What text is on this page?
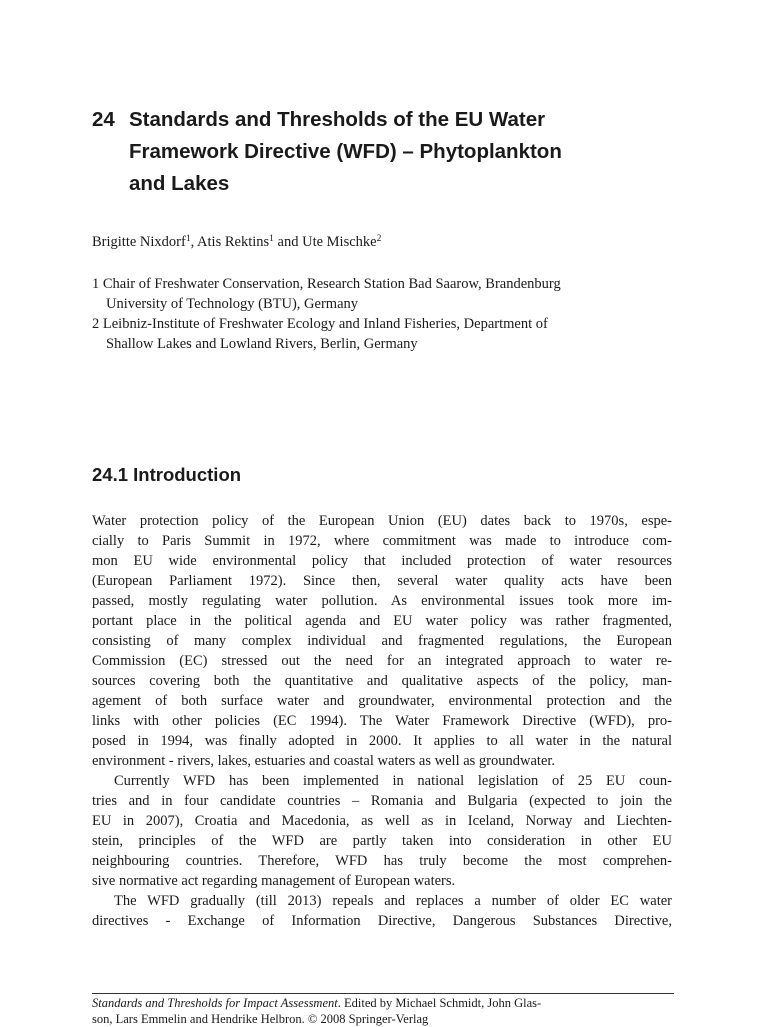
24 Standards and Thresholds of the EU Water
Framework Directive (WFD) – Phytoplankton
and Lakes
Brigitte Nixdorf$^1$, Atis Rektins$^1$ and Ute Mischke$^2$
1 Chair of Freshwater Conservation, Research Station Bad Saarow, Brandenburg
University of Technology (BTU), Germany
2 Leibniz-Institute of Freshwater Ecology and Inland Fisheries, Department of
Shallow Lakes and Lowland Rivers, Berlin, Germany
24.1 Introduction
Water protection policy of the European Union (EU) dates back to 1970s, espe-
cially to Paris Summit in 1972, where commitment was made to introduce com-
mon EU wide environmental policy that included protection of water resources
(European Parliament 1972). Since then, several water quality acts have been
passed, mostly regulating water pollution. As environmental issues took more im-
portant place in the political agenda and EU water policy was rather fragmented,
consisting of many complex individual and fragmented regulations, the European
Commission (EC) stressed out the need for an integrated approach to water re-
sources covering both the quantitative and qualitative aspects of the policy, man-
agement of both surface water and groundwater, environmental protection and the
links with other policies (EC 1994). The Water Framework Directive (WFD), pro-
posed in 1994, was finally adopted in 2000. It applies to all water in the natural
environment - rivers, lakes, estuaries and coastal waters as well as groundwater.
Currently WFD has been implemented in national legislation of 25 EU coun-
tries and in four candidate countries – Romania and Bulgaria (expected to join the
EU in 2007), Croatia and Macedonia, as well as in Iceland, Norway and Liechten-
stein, principles of the WFD are partly taken into consideration in other EU
neighbouring countries. Therefore, WFD has truly become the most comprehen-
sive normative act regarding management of European waters.
The WFD gradually (till 2013) repeals and replaces a number of older EC water
directives - Exchange of Information Directive, Dangerous Substances Directive,
Standards and Thresholds for Impact Assessment. Edited by Michael Schmidt, John Glas-
son, Lars Emmelin and Hendrike Helbron. © 2008 Springer-Verlag
